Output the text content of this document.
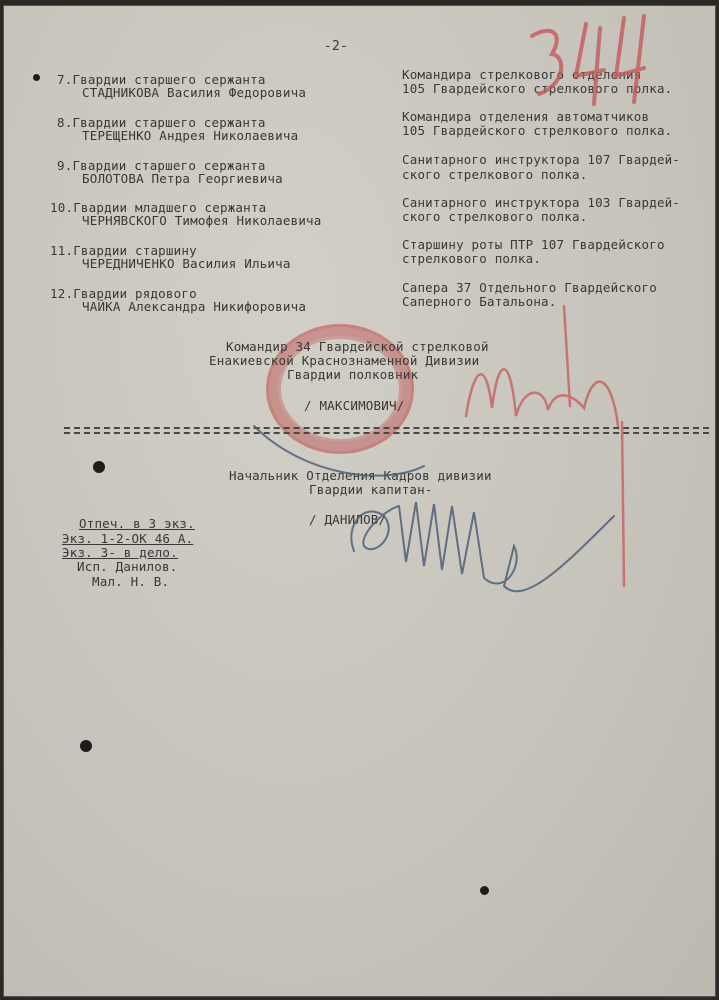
-2-
7.Гвардии старшего сержанта
СТАДНИКОВА Василия Федоровича
Командира стрелкового отделения
105 Гвардейского стрелкового полка.
8.Гвардии старшего сержанта
ТЕРЕЩЕНКО Андрея Николаевича
Командира отделения автоматчиков
105 Гвардейского стрелкового полка.
9.Гвардии старшего сержанта
БОЛОТОВА Петра Георгиевича
Санитарного инструктора 107 Гвардей-
ского стрелкового полка.
10.Гвардии младшего сержанта
ЧЕРНЯВСКОГО Тимофея Николаевича
Санитарного инструктора 103 Гвардей-
ского стрелкового полка.
11.Гвардии старшину
ЧЕРЕДНИЧЕНКО Василия Ильича
Старшину роты ПТР 107 Гвардейского
стрелкового полка.
12.Гвардии рядового
ЧАЙКА Александра Никифоровича
Сапера 37 Отдельного Гвардейского
Саперного Батальона.
Командир 34 Гвардейской стрелковой
Енакиевской Краснознаменной Дивизии
Гвардии полковник
/ МАКСИМОВИЧ/
Начальник Отделения Кадров дивизии
Гвардии капитан-
/ ДАНИЛОВ/
Отпеч. в 3 экз.
Экз. 1-2-ОК 46 А.
Экз. 3- в дело.
Исп. Данилов.
Мал. Н. В.
